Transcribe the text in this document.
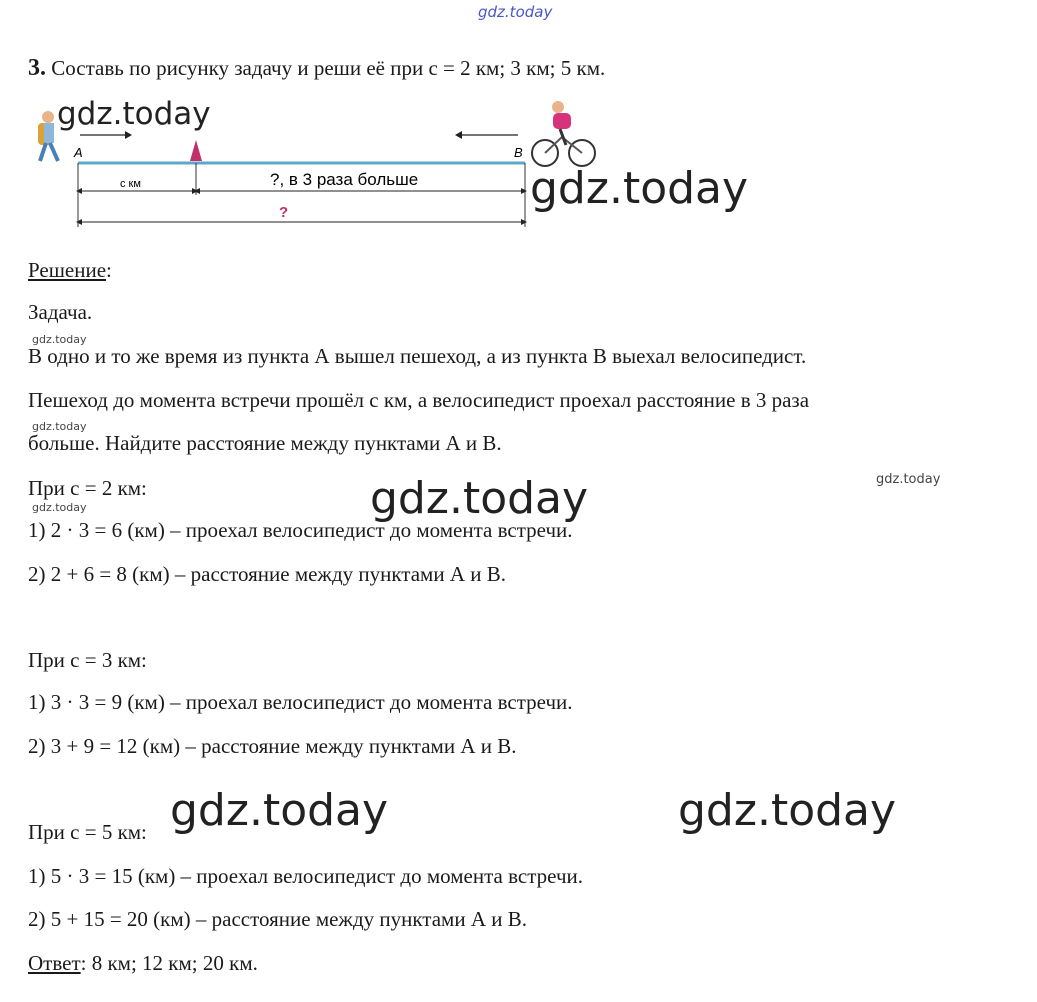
gdz.today
3. Составь по рисунку задачу и реши её при с = 2 км; 3 км; 5 км.
A	B
с км	?, в 3 раза больше
?
gdz.today
gdz.today
Решение:
Задача.
gdz.today
В одно и то же время из пункта А вышел пешеход, а из пункта В выехал велосипедист.
Пешеход до момента встречи прошёл с км, а велосипедист проехал расстояние в 3 раза
gdz.today
больше. Найдите расстояние между пунктами А и В.
При с = 2 км:	gdz.today
gdz.today
gdz.today
1) 2 · 3 = 6 (км) – проехал велосипедист до момента встречи.
2) 2 + 6 = 8 (км) – расстояние между пунктами А и В.
При с = 3 км:
1) 3 · 3 = 9 (км) – проехал велосипедист до момента встречи.
2) 3 + 9 = 12 (км) – расстояние между пунктами А и В.
При с = 5 км: gdz.today	gdz.today
1) 5 · 3 = 15 (км) – проехал велосипедист до момента встречи.
2) 5 + 15 = 20 (км) – расстояние между пунктами А и В.
Ответ: 8 км; 12 км; 20 км.
